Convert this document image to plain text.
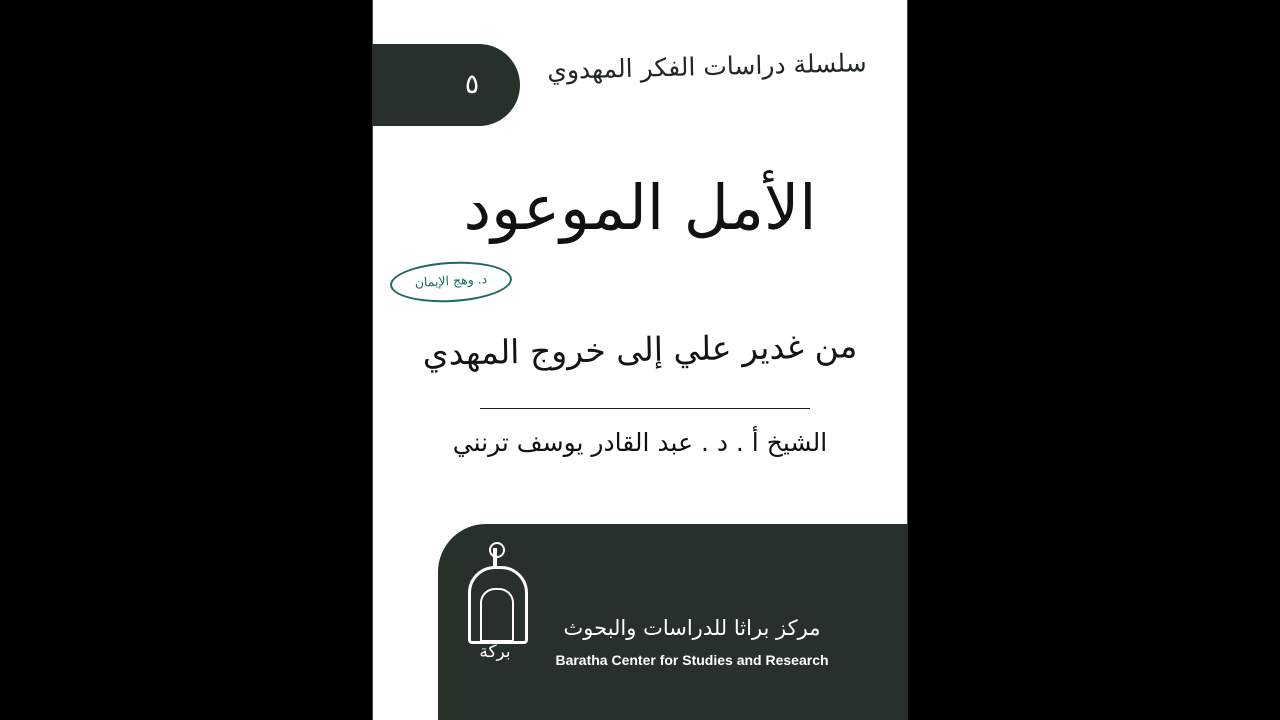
٥	سلسلة دراسات الفكر المهدوي
الأمل الموعود
د. وهج الإيمان
من غدير علي إلى خروج المهدي
الشيخ أ . د . عبد القادر يوسف ترنني
بركة
مركز براثا للدراسات والبحوث
Baratha Center for Studies and Research
